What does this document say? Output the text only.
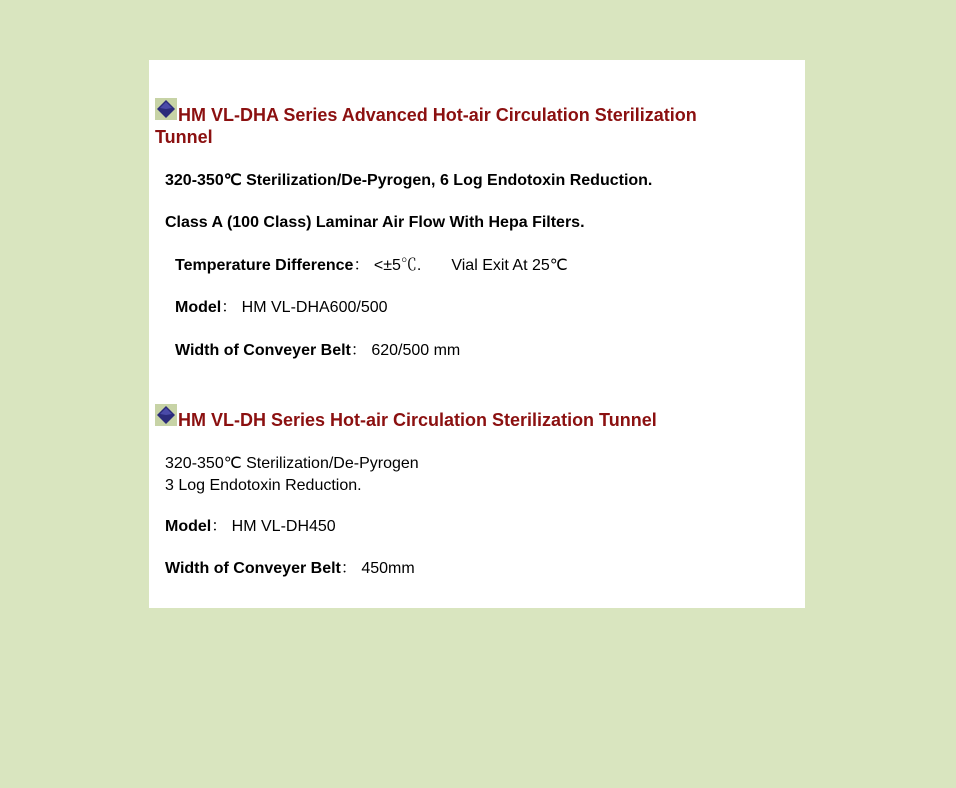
HM VL-DHA Series Advanced Hot-air Circulation Sterilization
Tunnel
320-350℃ Sterilization/De-Pyrogen, 6 Log Endotoxin Reduction.
Class A (100 Class) Laminar Air Flow With Hepa Filters.
Temperature Difference： <±5℃. Vial Exit At 25℃
Model： HM VL-DHA600/500
Width of Conveyer Belt： 620/500 mm
HM VL-DH Series Hot-air Circulation Sterilization Tunnel
320-350℃ Sterilization/De-Pyrogen
3 Log Endotoxin Reduction.
Model： HM VL-DH450
Width of Conveyer Belt： 450mm
